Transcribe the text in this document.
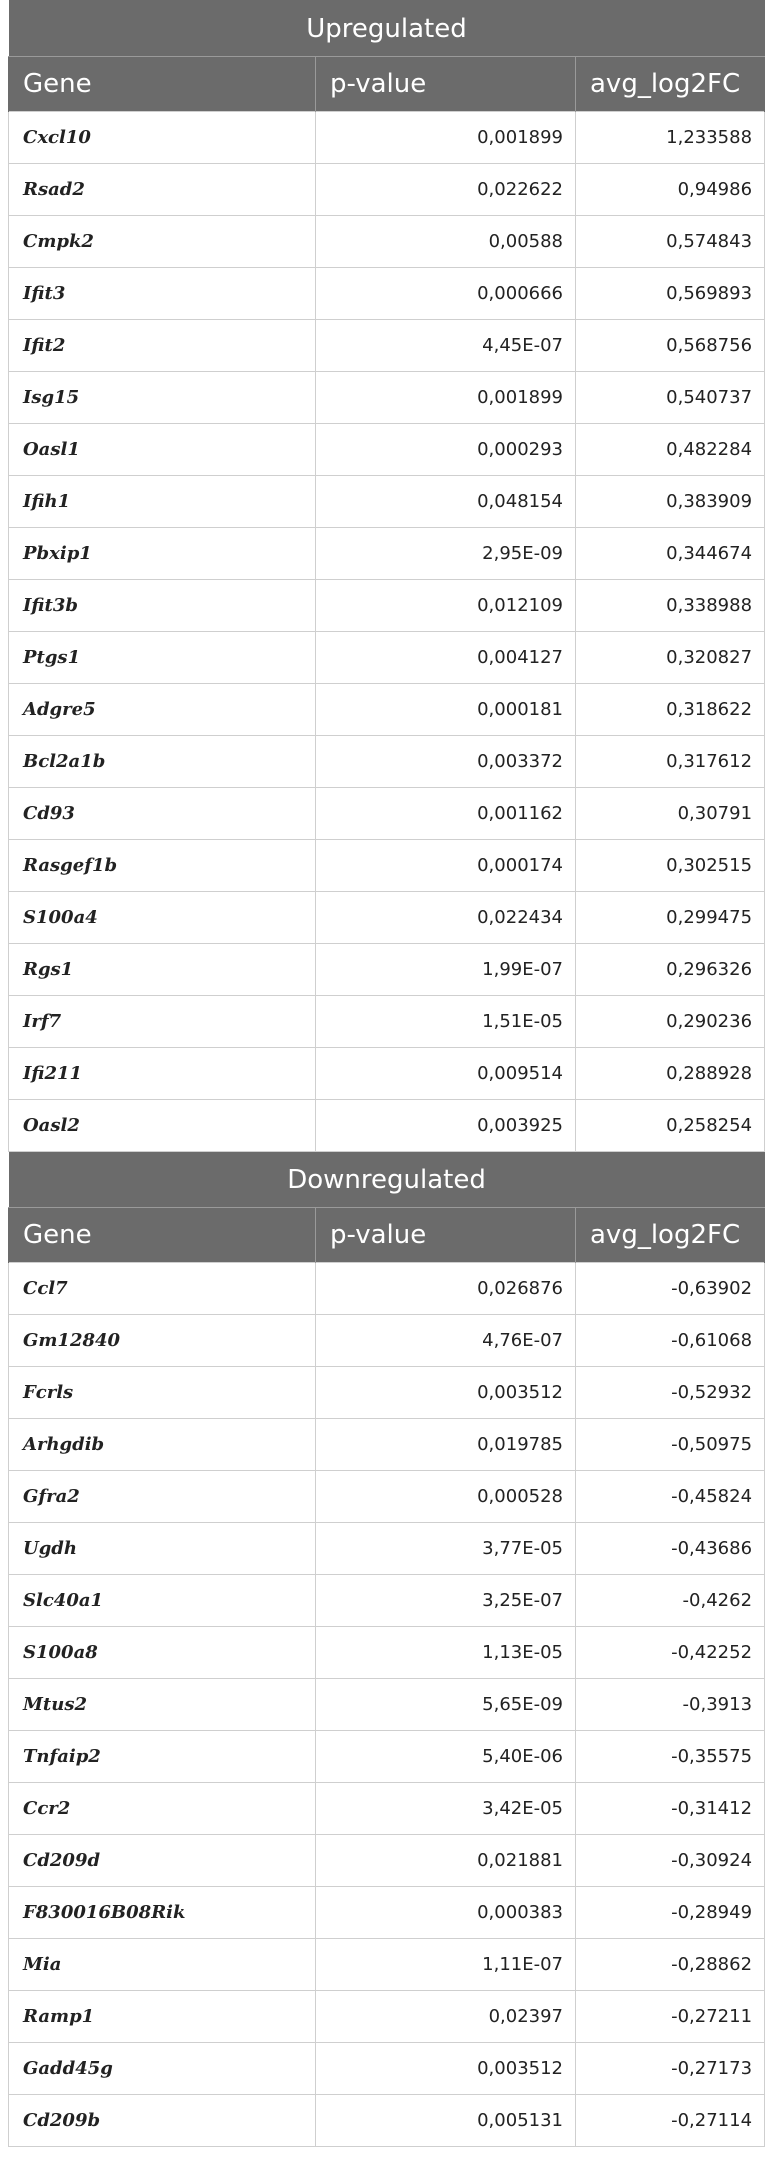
Upregulated		
Gene	p-value	avg_log2FC
Cxcl10	0,001899	1,233588
Rsad2	0,022622	0,94986
Cmpk2	0,00588	0,574843
Ifit3	0,000666	0,569893
Ifit2	4,45E-07	0,568756
Isg15	0,001899	0,540737
Oasl1	0,000293	0,482284
Ifih1	0,048154	0,383909
Pbxip1	2,95E-09	0,344674
Ifit3b	0,012109	0,338988
Ptgs1	0,004127	0,320827
Adgre5	0,000181	0,318622
Bcl2a1b	0,003372	0,317612
Cd93	0,001162	0,30791
Rasgef1b	0,000174	0,302515
S100a4	0,022434	0,299475
Rgs1	1,99E-07	0,296326
Irf7	1,51E-05	0,290236
Ifi211	0,009514	0,288928
Oasl2	0,003925	0,258254
Downregulated		
Gene	p-value	avg_log2FC
Ccl7	0,026876	-0,63902
Gm12840	4,76E-07	-0,61068
Fcrls	0,003512	-0,52932
Arhgdib	0,019785	-0,50975
Gfra2	0,000528	-0,45824
Ugdh	3,77E-05	-0,43686
Slc40a1	3,25E-07	-0,4262
S100a8	1,13E-05	-0,42252
Mtus2	5,65E-09	-0,3913
Tnfaip2	5,40E-06	-0,35575
Ccr2	3,42E-05	-0,31412
Cd209d	0,021881	-0,30924
F830016B08Rik	0,000383	-0,28949
Mia	1,11E-07	-0,28862
Ramp1	0,02397	-0,27211
Gadd45g	0,003512	-0,27173
Cd209b	0,005131	-0,27114
